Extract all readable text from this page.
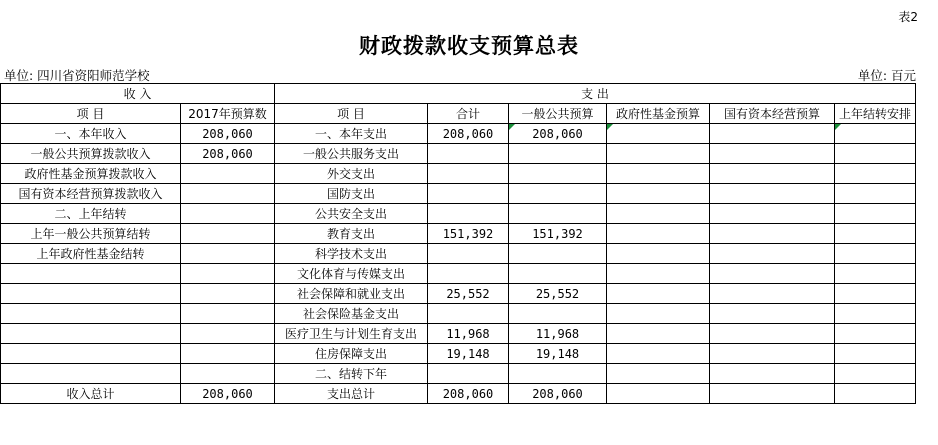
表2
财政拨款收支预算总表
单位: 四川省资阳师范学校	单位: 百元
收 入		支 出					
项 目	2017年预算数	项 目	合计	一般公共预算	政府性基金预算	国有资本经营预算	上年结转安排
一、本年收入	208,060	一、本年支出	208,060	208,060			
一般公共预算拨款收入	208,060	一般公共服务支出					
政府性基金预算拨款收入		外交支出					
国有资本经营预算拨款收入		国防支出					
二、上年结转		公共安全支出					
上年一般公共预算结转		教育支出	151,392	151,392			
上年政府性基金结转		科学技术支出					
		文化体育与传媒支出					
		社会保障和就业支出	25,552	25,552			
		社会保险基金支出					
		医疗卫生与计划生育支出	11,968	11,968			
		住房保障支出	19,148	19,148			
		二、结转下年					
收入总计	208,060	支出总计	208,060	208,060			
